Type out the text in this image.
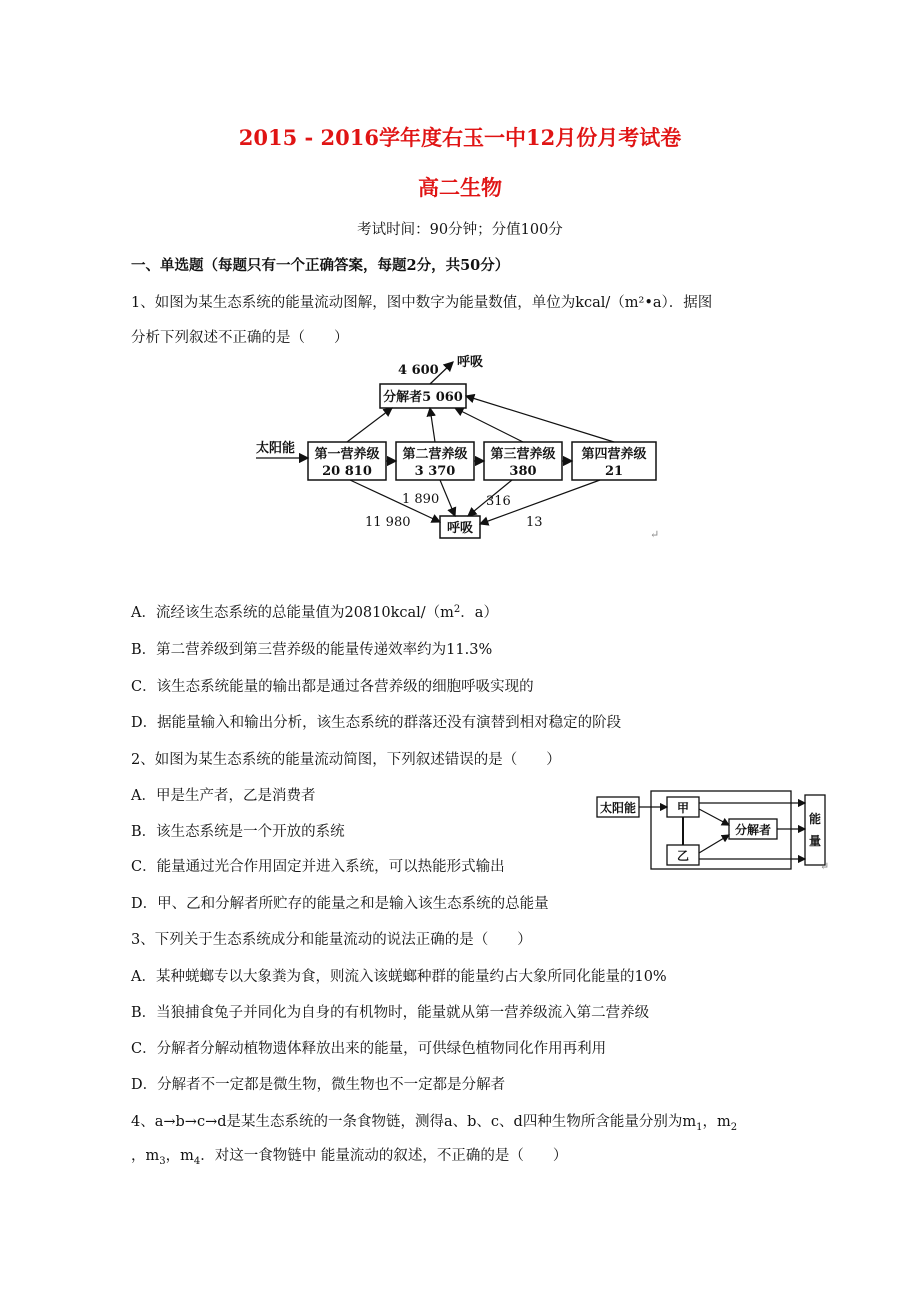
2015 - 2016学年度右玉一中12月份月考试卷
高二生物
考试时间：90分钟；分值100分
一、单选题（每题只有一个正确答案，每题2分，共50分）
1、如图为某生态系统的能量流动图解，图中数字为能量数值，单位为kcal/（m²•a）．据图
分析下列叙述不正确的是（　　）
4 600
呼吸
分解者5 060
太阳能 第一营养级
20 810
第二营养级
3 370
第三营养级
380
第四营养级
21
呼吸
11 980
1 890	316
13
↵
A．流经该生态系统的总能量值为$20810kcal/(m^2$．a）
B．第二营养级到第三营养级的能量传递效率约为11.3%
C．该生态系统能量的输出都是通过各营养级的细胞呼吸实现的
D．据能量输入和输出分析，该生态系统的群落还没有演替到相对稳定的阶段
2、如图为某生态系统的能量流动简图，下列叙述错误的是（　　）
A．甲是生产者，乙是消费者
B．该生态系统是一个开放的系统
C．能量通过光合作用固定并进入系统，可以热能形式输出
D．甲、乙和分解者所贮存的能量之和是输入该生态系统的总能量
太阳能	甲
乙
分解者
能
量
↵
3、下列关于生态系统成分和能量流动的说法正确的是（　　）
A．某种蜣螂专以大象粪为食，则流入该蜣螂种群的能量约占大象所同化能量的10%
B．当狼捕食兔子并同化为自身的有机物时，能量就从第一营养级流入第二营养级
C．分解者分解动植物遗体释放出来的能量，可供绿色植物同化作用再利用
D．分解者不一定都是微生物，微生物也不一定都是分解者
4、a→b→c→d是某生态系统的一条食物链，测得a、b、c、d四种生物所含能量分别为$m_1$，$m_2$
，$m_3$，$m_4$．对这一食物链中 能量流动的叙述，不正确的是（　　）
